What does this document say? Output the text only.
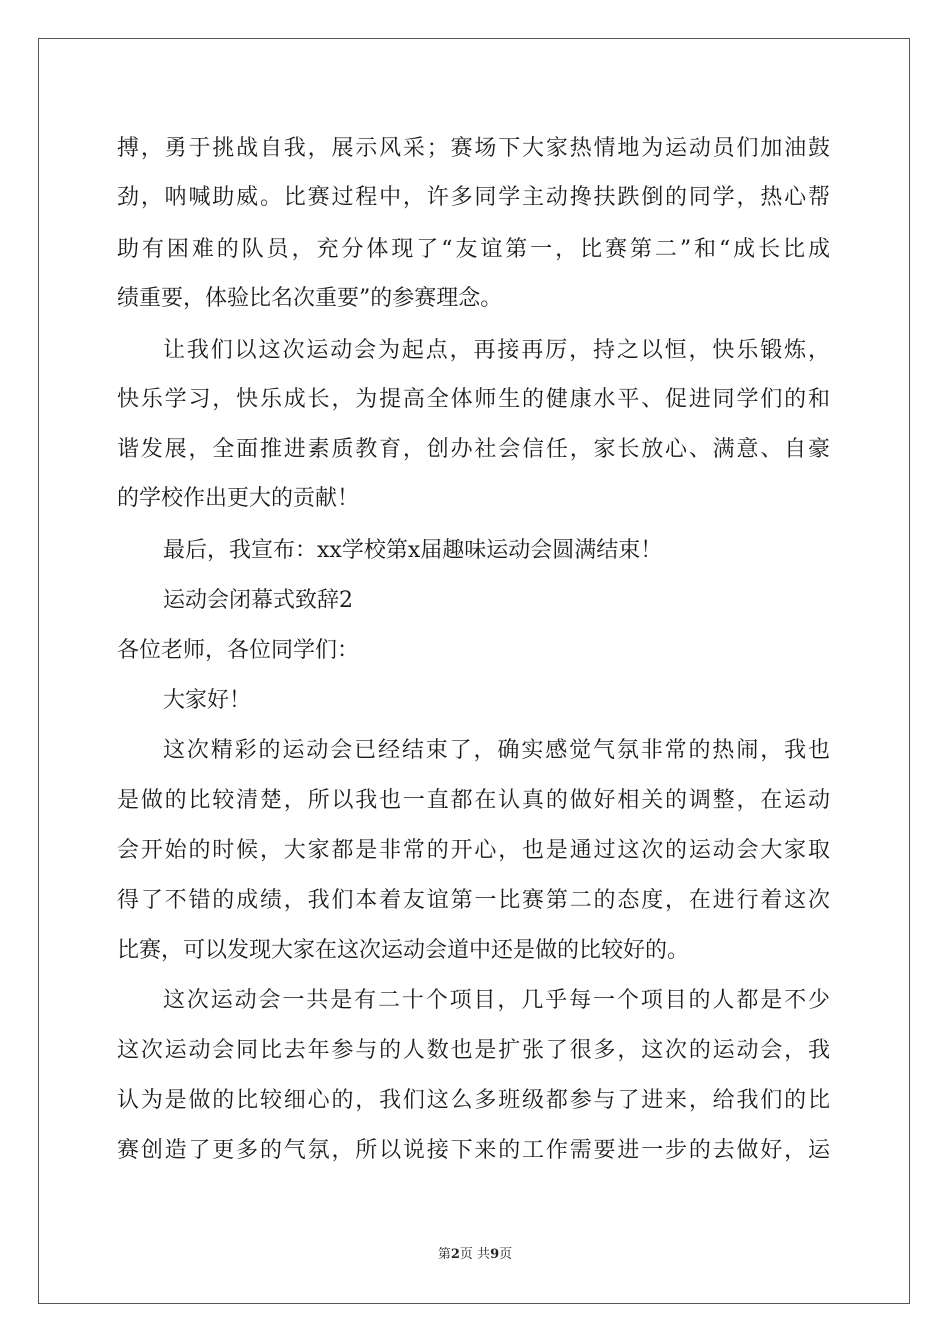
搏，勇于挑战自我，展示风采；赛场下大家热情地为运动员们加油鼓
劲，呐喊助威。比赛过程中，许多同学主动搀扶跌倒的同学，热心帮
助有困难的队员，充分体现了“友谊第一，比赛第二”和“成长比成
绩重要，体验比名次重要”的参赛理念。
让我们以这次运动会为起点，再接再厉，持之以恒，快乐锻炼，
快乐学习，快乐成长，为提高全体师生的健康水平、促进同学们的和
谐发展，全面推进素质教育，创办社会信任，家长放心、满意、自豪
的学校作出更大的贡献！
最后，我宣布：xx学校第x届趣味运动会圆满结束！
运动会闭幕式致辞2
各位老师，各位同学们：
大家好！
这次精彩的运动会已经结束了，确实感觉气氛非常的热闹，我也
是做的比较清楚，所以我也一直都在认真的做好相关的调整，在运动
会开始的时候，大家都是非常的开心，也是通过这次的运动会大家取
得了不错的成绩，我们本着友谊第一比赛第二的态度，在进行着这次
比赛，可以发现大家在这次运动会道中还是做的比较好的。
这次运动会一共是有二十个项目，几乎每一个项目的人都是不少
这次运动会同比去年参与的人数也是扩张了很多，这次的运动会，我
认为是做的比较细心的，我们这么多班级都参与了进来，给我们的比
赛创造了更多的气氛，所以说接下来的工作需要进一步的去做好，运
第2页 共9页
